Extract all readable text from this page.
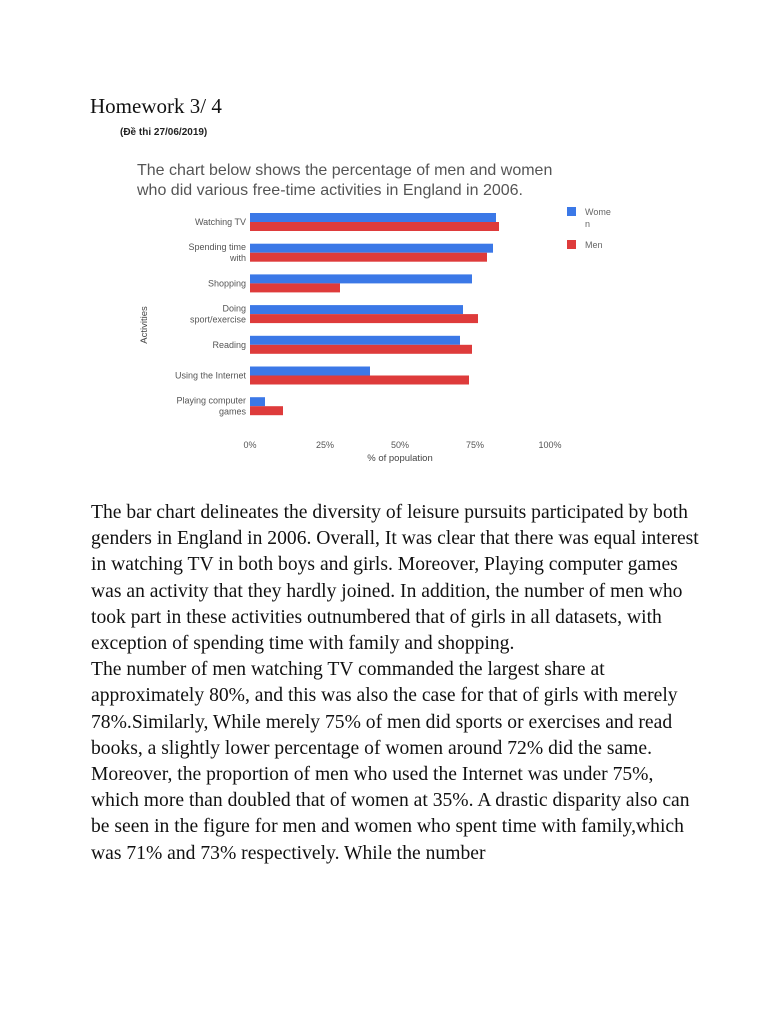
Homework 3/ 4
(Đề thi 27/06/2019)
The chart below shows the percentage of men and women
who did various free-time activities in England in 2006.
Activities
Watching TV
Spending time
with
Shopping
Doing
sport/exercise
Reading
Using the Internet
Playing computer
games
0%	25%	50%	75%	100%
% of population
Wome
n
Men

The bar chart delineates the diversity of leisure pursuits participated by both genders in England in 2006. Overall, It was clear that there was equal interest in watching TV in both boys and girls. Moreover, Playing computer games was an activity that they hardly joined. In addition, the number of men who took part in these activities outnumbered that of girls in all datasets, with exception of spending time with family and shopping.

The number of men watching TV commanded the largest share at approximately 80%, and this was also the case for that of girls with merely 78%.Similarly, While merely 75% of men did sports or exercises and read books, a slightly lower percentage of women around 72% did the same. Moreover, the proportion of men who used the Internet was under 75%, which more than doubled that of women at 35%. A drastic disparity also can be seen in the figure for men and women who spent time with family,which was 71% and 73% respectively. While the number
